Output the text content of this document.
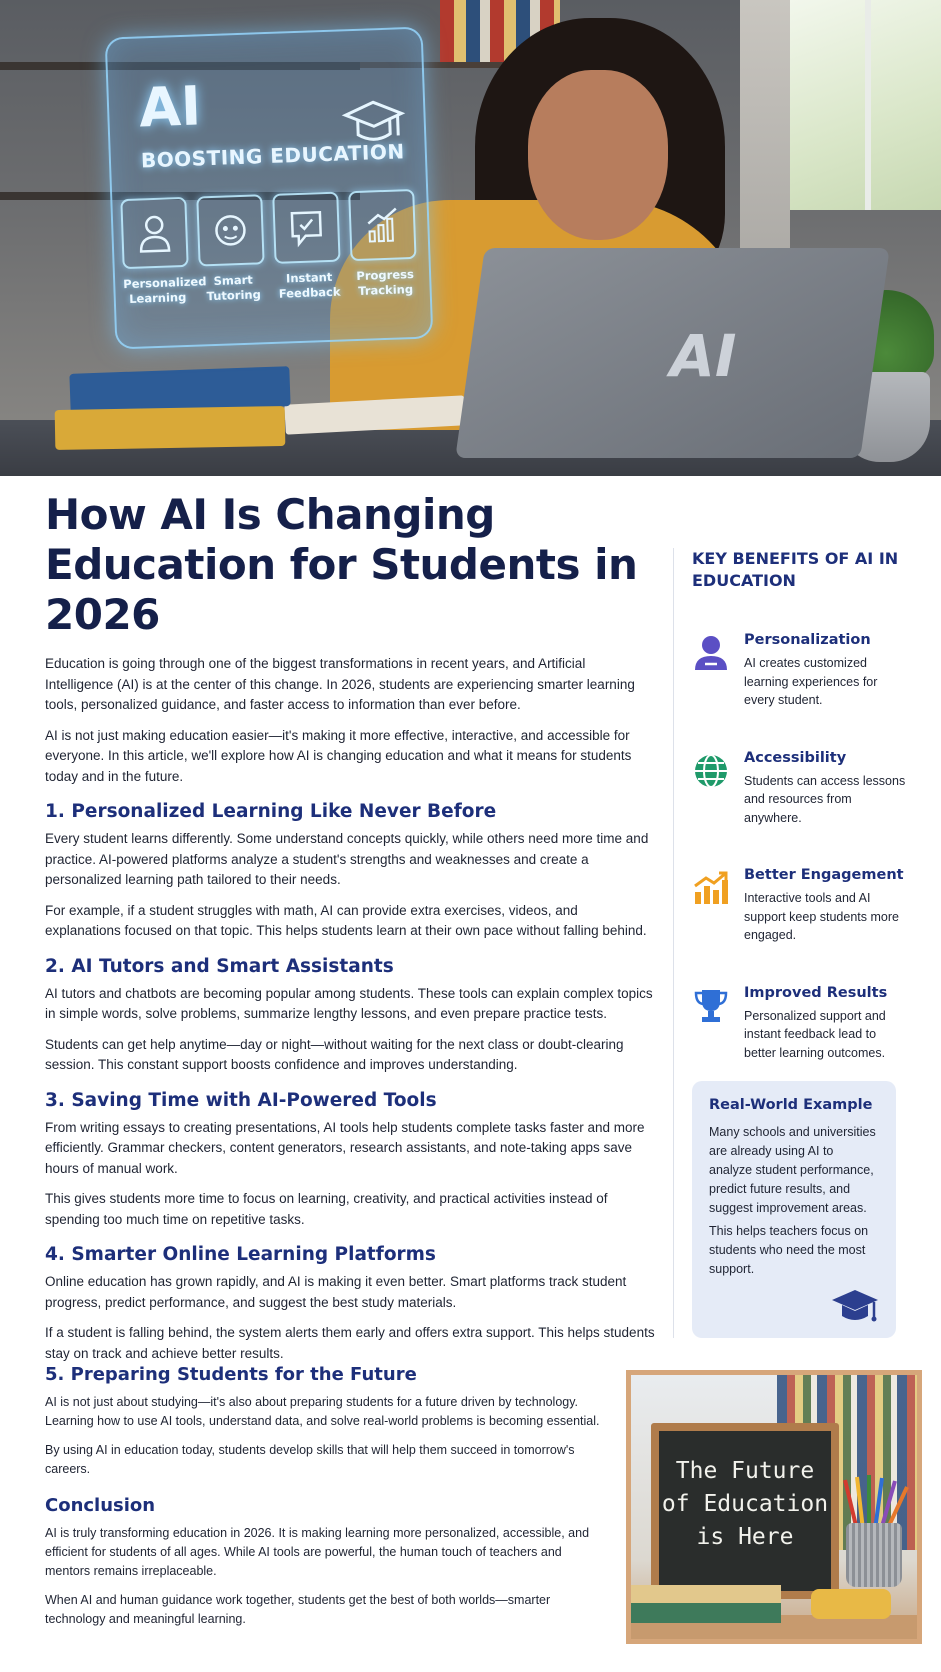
AI
AI
BOOSTING EDUCATION
Personalized Learning
Smart Tutoring
Instant Feedback
Progress Tracking
How AI Is Changing Education for Students in 2026

Education is going through one of the biggest transformations in recent years, and Artificial Intelligence (AI) is at the center of this change. In 2026, students are experiencing smarter learning tools, personalized guidance, and faster access to information than ever before.

AI is not just making education easier—it's making it more effective, interactive, and accessible for everyone. In this article, we'll explore how AI is changing education and what it means for students today and in the future.

1. Personalized Learning Like Never Before

Every student learns differently. Some understand concepts quickly, while others need more time and practice. AI-powered platforms analyze a student's strengths and weaknesses and create a personalized learning path tailored to their needs.

For example, if a student struggles with math, AI can provide extra exercises, videos, and explanations focused on that topic. This helps students learn at their own pace without falling behind.

2. AI Tutors and Smart Assistants

AI tutors and chatbots are becoming popular among students. These tools can explain complex topics in simple words, solve problems, summarize lengthy lessons, and even prepare practice tests.

Students can get help anytime—day or night—without waiting for the next class or doubt-clearing session. This constant support boosts confidence and improves understanding.

3. Saving Time with AI-Powered Tools

From writing essays to creating presentations, AI tools help students complete tasks faster and more efficiently. Grammar checkers, content generators, research assistants, and note-taking apps save hours of manual work.

This gives students more time to focus on learning, creativity, and practical activities instead of spending too much time on repetitive tasks.

4. Smarter Online Learning Platforms

Online education has grown rapidly, and AI is making it even better. Smart platforms track student progress, predict performance, and suggest the best study materials.

If a student is falling behind, the system alerts them early and offers extra support. This helps students stay on track and achieve better results.

KEY BENEFITS OF AI IN EDUCATION
Personalization
AI creates customized learning experiences for every student.
Accessibility
Students can access lessons and resources from anywhere.
Better Engagement
Interactive tools and AI support keep students more engaged.
Improved Results
Personalized support and instant feedback lead to better learning outcomes.
Real-World Example

Many schools and universities are already using AI to analyze student performance, predict future results, and suggest improvement areas.

This helps teachers focus on students who need the most support.

5. Preparing Students for the Future

AI is not just about studying—it's also about preparing students for a future driven by technology. Learning how to use AI tools, understand data, and solve real-world problems is becoming essential.

By using AI in education today, students develop skills that will help them succeed in tomorrow's careers.

Conclusion

AI is truly transforming education in 2026. It is making learning more personalized, accessible, and efficient for students of all ages. While AI tools are powerful, the human touch of teachers and mentors remains irreplaceable.

When AI and human guidance work together, students get the best of both worlds—smarter technology and meaningful learning.

The Future
of Education
is Here
